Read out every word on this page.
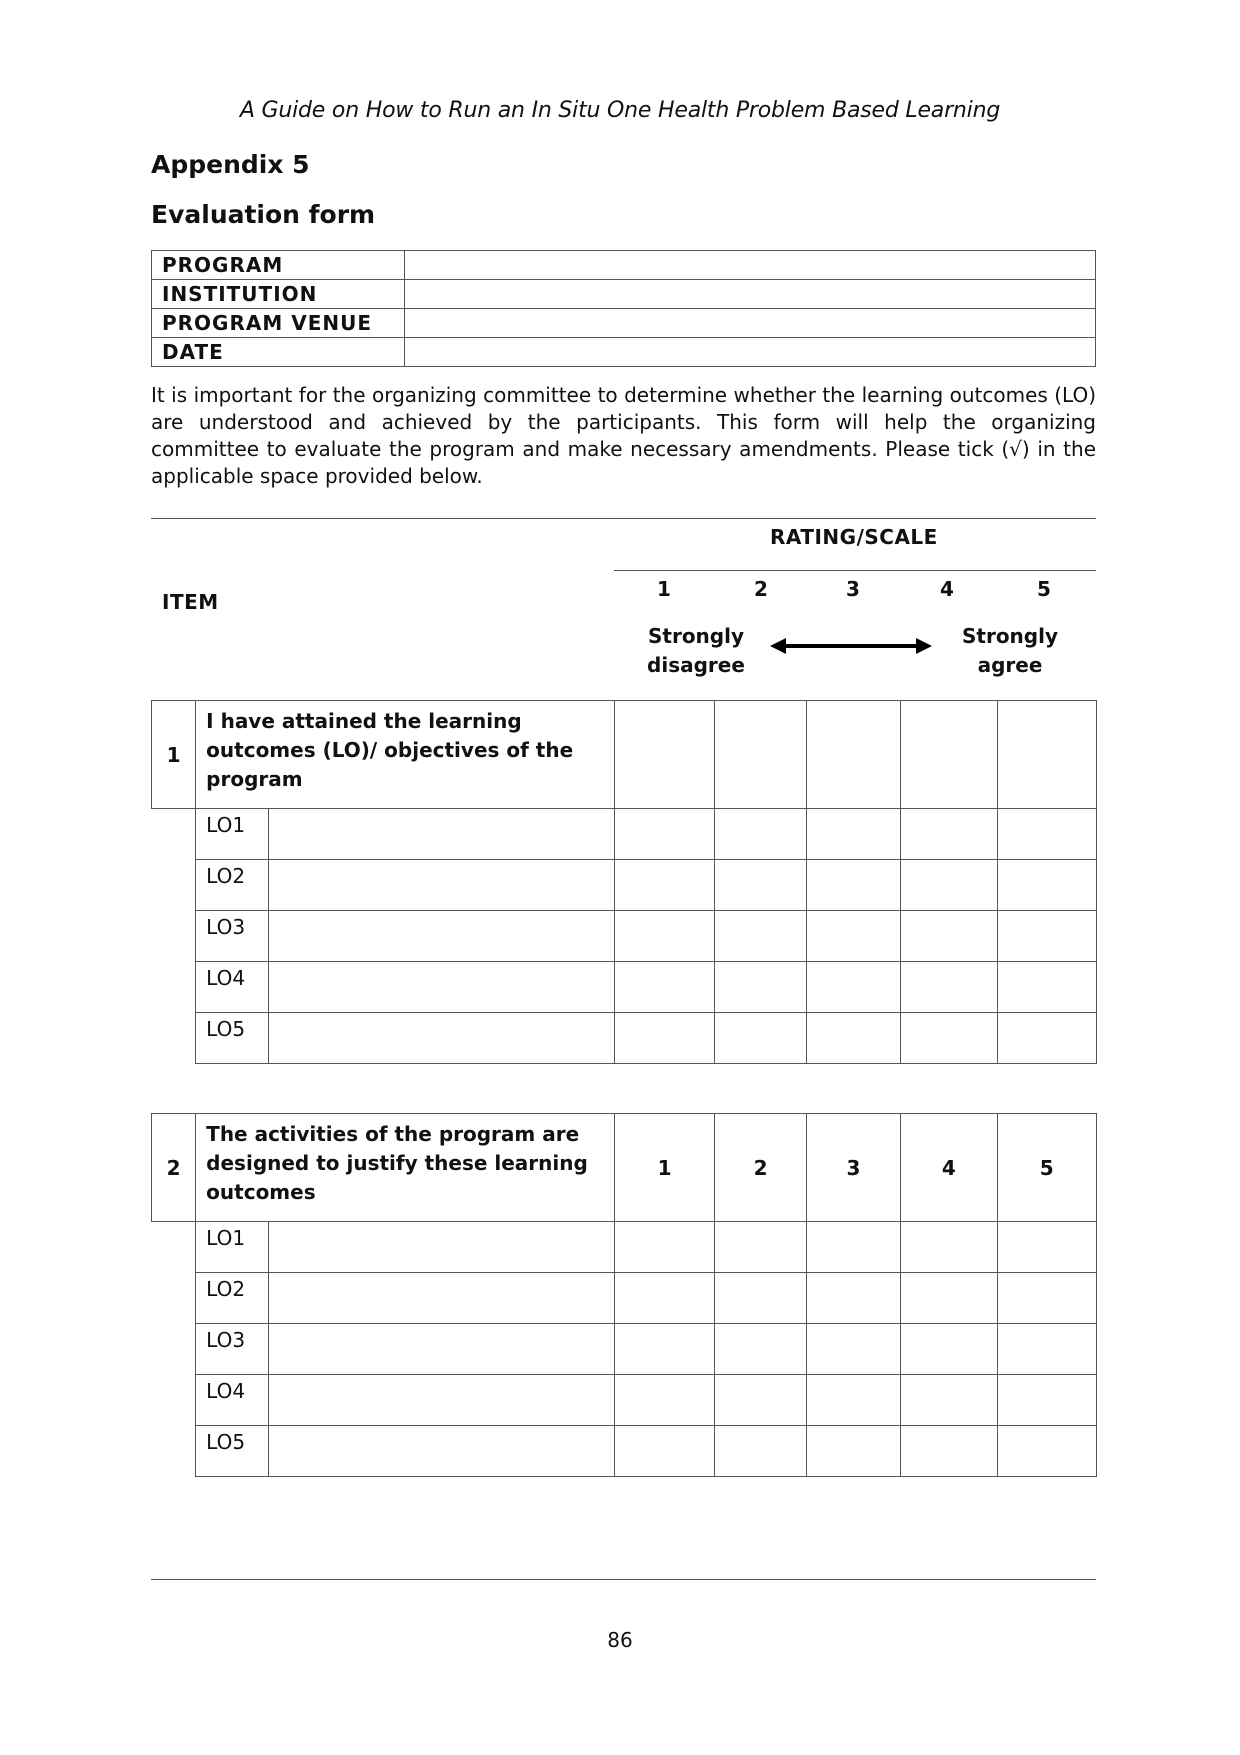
A Guide on How to Run an In Situ One Health Problem Based Learning
Appendix 5
Evaluation form
PROGRAM	
INSTITUTION	
PROGRAM VENUE	
DATE	
It is important for the organizing committee to determine whether the learning outcomes (LO) are understood and achieved by the participants. This form will help the organizing committee to evaluate the program and make necessary amendments. Please tick (√) in the applicable space provided below.
RATING/SCALE
ITEM
1	2	3	4	5
Strongly
disagree
Strongly
agree
1	I have attained the learning outcomes (LO)/ objectives of the program						
	LO1						
	LO2						
	LO3						
	LO4						
	LO5						
2	The activities of the program are designed to justify these learning outcomes		1	2	3	4	5
	LO1						
	LO2						
	LO3						
	LO4						
	LO5						
86
